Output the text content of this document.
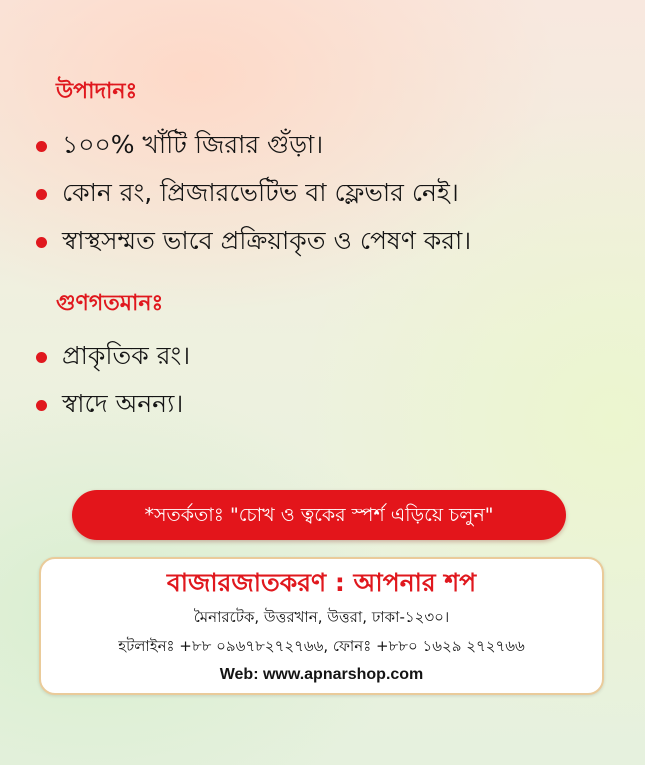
উপাদানঃ
১০০% খাঁটি জিরার গুঁড়া।
কোন রং, প্রিজারভেটিভ বা ফ্লেভার নেই।
স্বাস্থসম্মত ভাবে প্রক্রিয়াকৃত ও পেষণ করা।
গুণগতমানঃ
প্রাকৃতিক রং।
স্বাদে অনন্য।
*সতর্কতাঃ "চোখ ও ত্বকের স্পর্শ এড়িয়ে চলুন"
বাজারজাতকরণ : আপনার শপ
মৈনারটেক, উত্তরখান, উত্তরা, ঢাকা-১২৩০।
হটলাইনঃ +৮৮ ০৯৬৭৮২৭২৭৬৬, ফোনঃ +৮৮০ ১৬২৯ ২৭২৭৬৬
Web: www.apnarshop.com
